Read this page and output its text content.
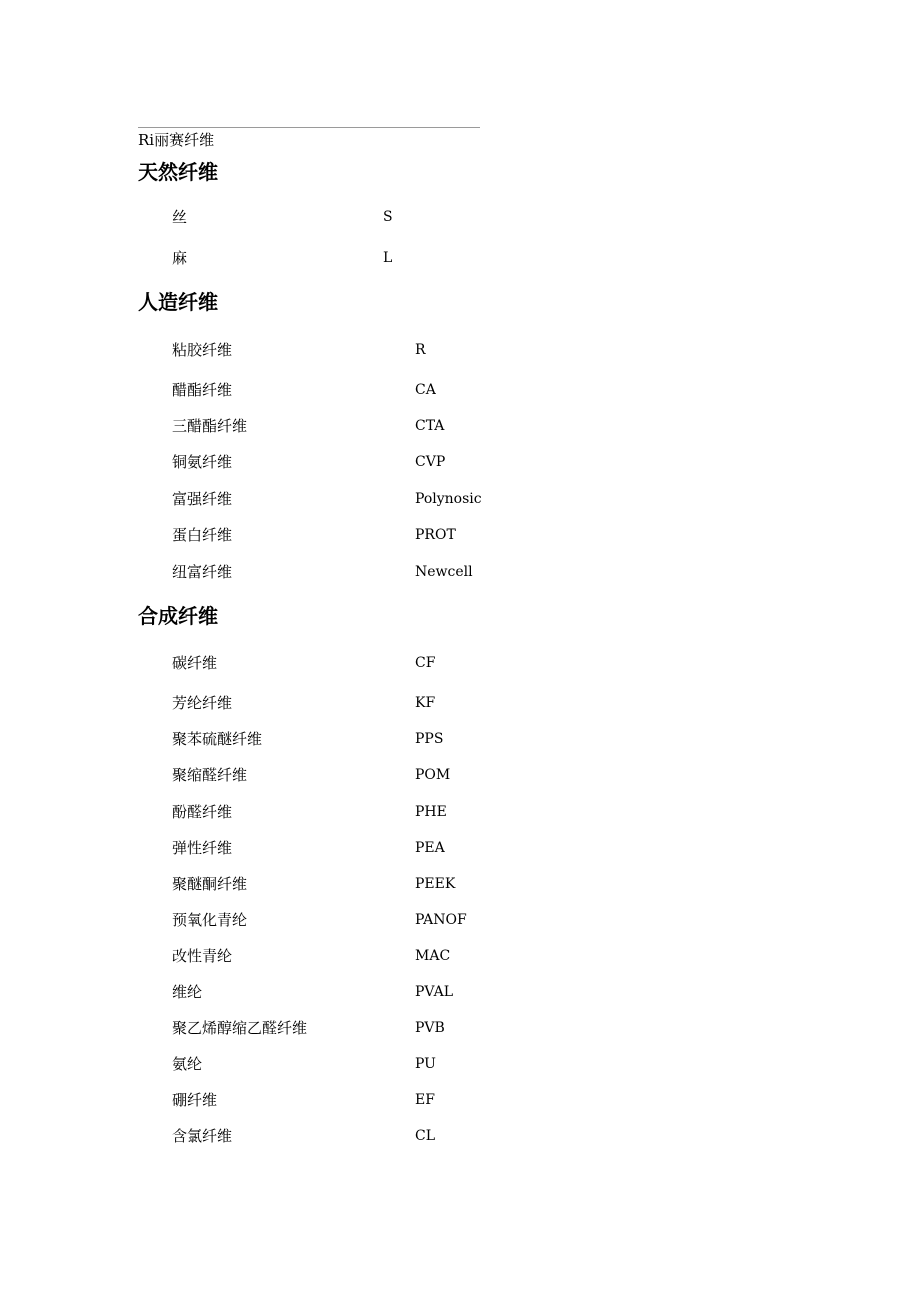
Ri丽赛纤维
天然纤维
丝	S
麻	L
人造纤维
粘胶纤维	R
醋酯纤维	CA
三醋酯纤维	CTA
铜氨纤维	CVP
富强纤维	Polynosic
蛋白纤维	PROT
纽富纤维	Newcell
合成纤维
碳纤维	CF
芳纶纤维	KF
聚苯硫醚纤维	PPS
聚缩醛纤维	POM
酚醛纤维	PHE
弹性纤维	PEA
聚醚酮纤维	PEEK
预氧化青纶	PANOF
改性青纶	MAC
维纶	PVAL
聚乙烯醇缩乙醛纤维	PVB
氨纶	PU
硼纤维	EF
含氯纤维	CL
